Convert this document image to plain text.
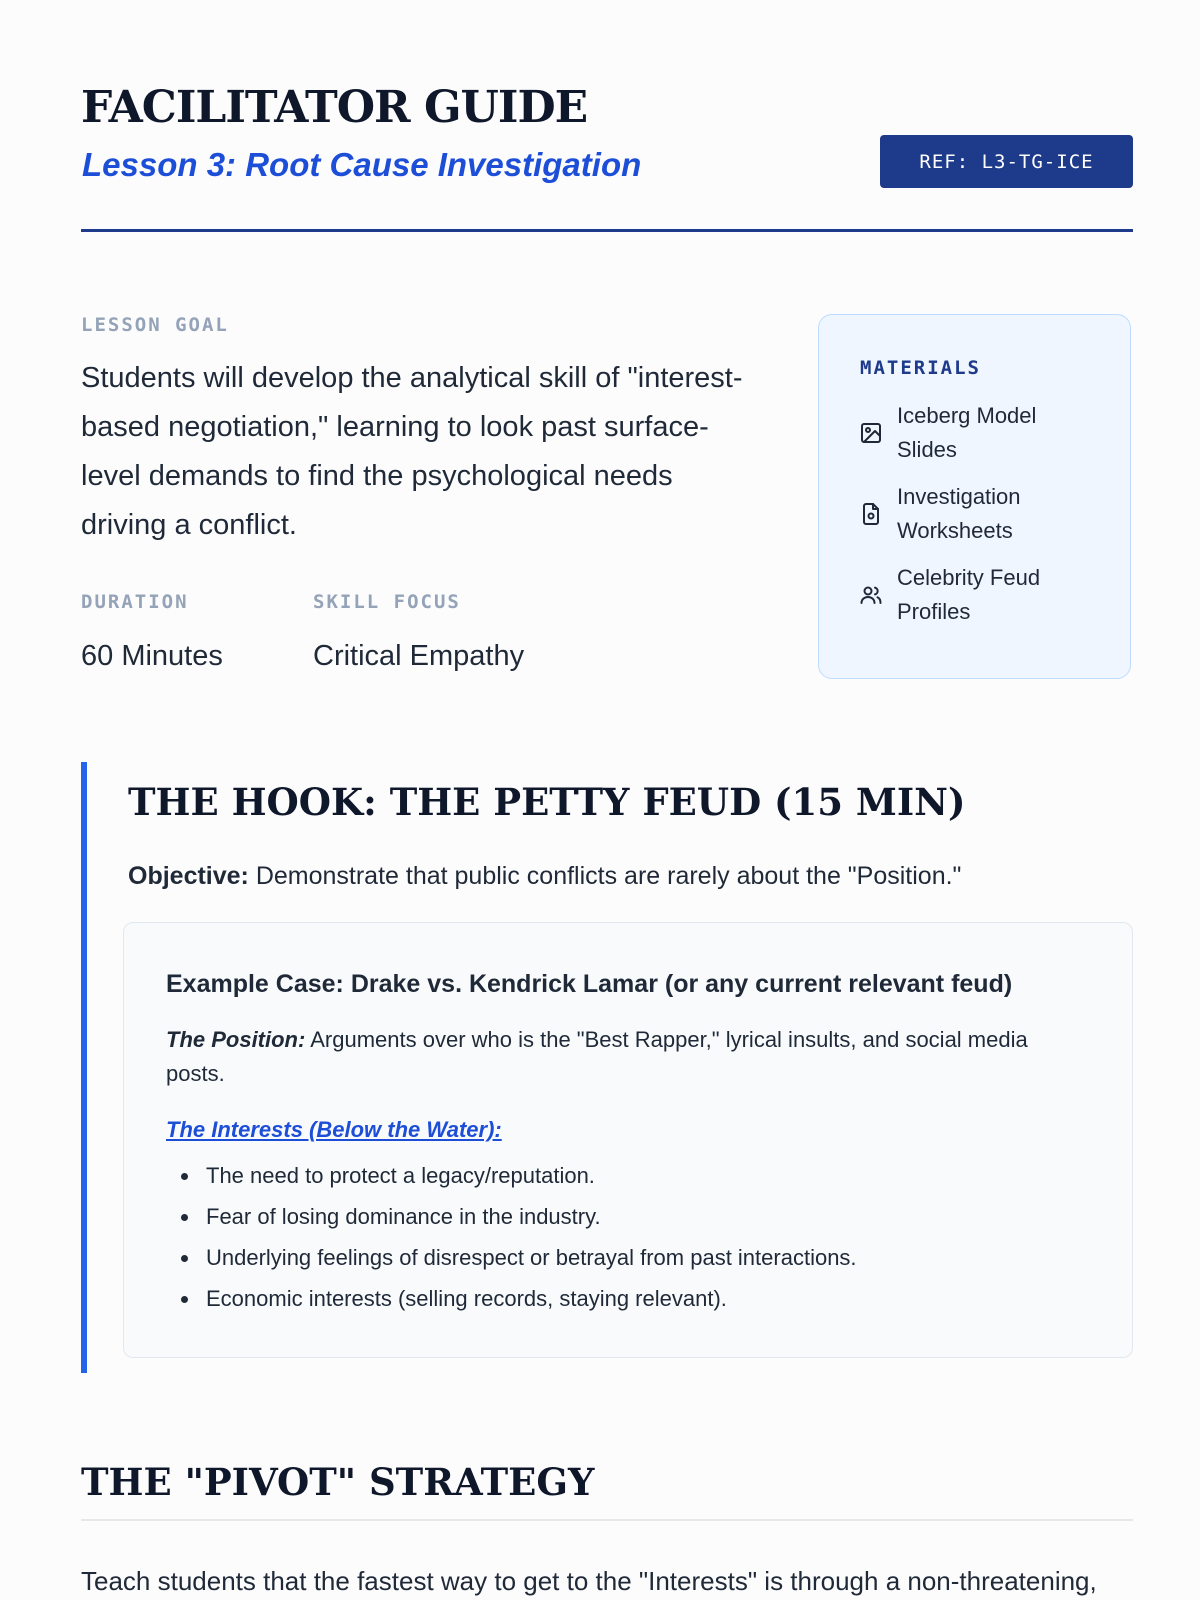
FACILITATOR GUIDE
Lesson 3: Root Cause Investigation	REF: L3-TG-ICE
LESSON GOAL

Students will develop the analytical skill of "interest-based negotiation," learning to look past surface-level demands to find the psychological needs driving a conflict.

DURATION
60 Minutes
SKILL FOCUS
Critical Empathy
MATERIALS
Iceberg Model Slides
Investigation Worksheets
Celebrity Feud Profiles
THE HOOK: THE PETTY FEUD (15 MIN)

Objective: Demonstrate that public conflicts are rarely about the "Position."

Example Case: Drake vs. Kendrick Lamar (or any current relevant feud)

The Position: Arguments over who is the "Best Rapper," lyrical insults, and social media posts.

The Interests (Below the Water):

The need to protect a legacy/reputation.
Fear of losing dominance in the industry.
Underlying feelings of disrespect or betrayal from past interactions.
Economic interests (selling records, staying relevant).
THE "PIVOT" STRATEGY

Teach students that the fastest way to get to the "Interests" is through a non-threatening,
